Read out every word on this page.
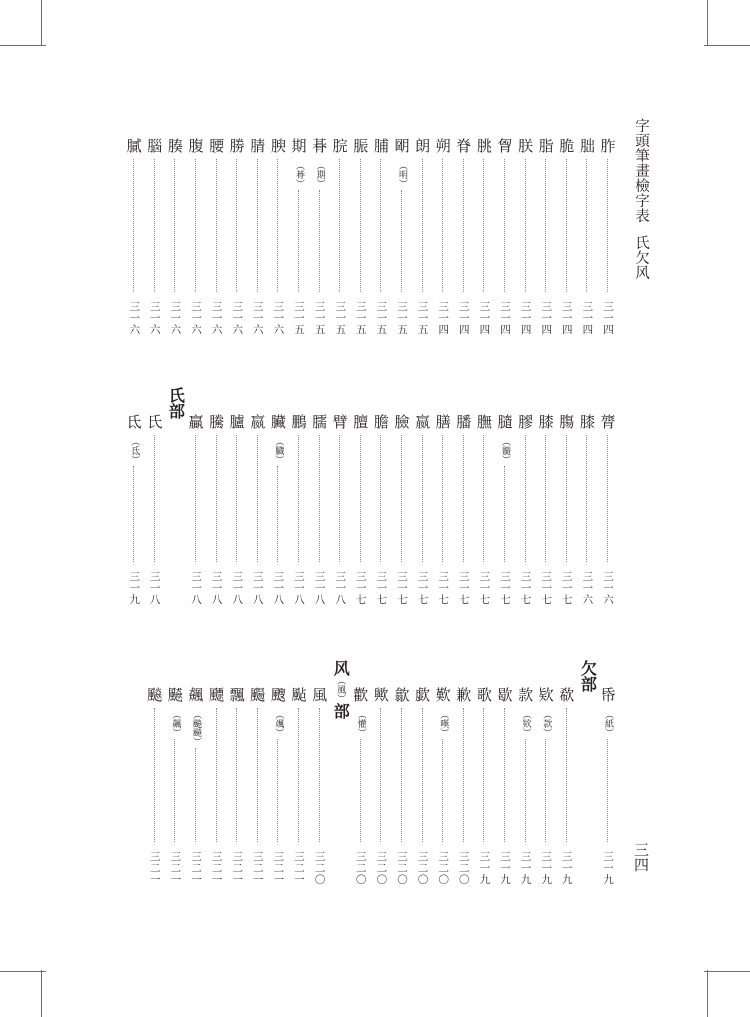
字頭筆畫檢字表氏欠风
三四
胙
三一四
朏
三一四
脆
三一四
脂
三一四
朕
三一四
胷
三一四
朓
三一四
脊
三一四
朔
三一四
朗
三一五
朙
（明）
三一五
脯
三一五
脤
三一五
脘
三一五
朞
（期）
三一五
期
（朞）
三一五
腴
三一六
腈
三一六
勝
三一六
腰
三一六
腹
三一六
腠
三一六
腦
三一六
膩
三一六
膂
三一六
膝
三一六
膓
三一七
膝
三一七
膠
三一七
膸
（髓）
三一七
膴
三一七
膰
三一七
膳
三一七
嬴
三一七
臉
三一七
膽
三一七
膻
三一七
臂
三一八
臑
三一八
鵬
三一八
臟
（臓）
三一八
嬴
三一八
臚
三一八
騰
三一八
贏
三一八
氏部
氏
三一八
氐
（氐）
三一九
帋
（紙）
三一九
欠部
欷
三一九
欵
（款）
三一九
款
（欵）
三一九
歇
三一九
歌
三一九
歉
三二〇
歎
（嘆）
三二〇
歔
三二〇
歙
三二〇
歟
三二〇
歡
（懽）
三二〇
风（風）部
風
三二〇
颭
三二一
颼
（颯）
三二一
颺
三二一
飄
三二一
飃
三二一
飆
（飈飇）
三二一
飇
（飆）
三二一
飈
三二一
